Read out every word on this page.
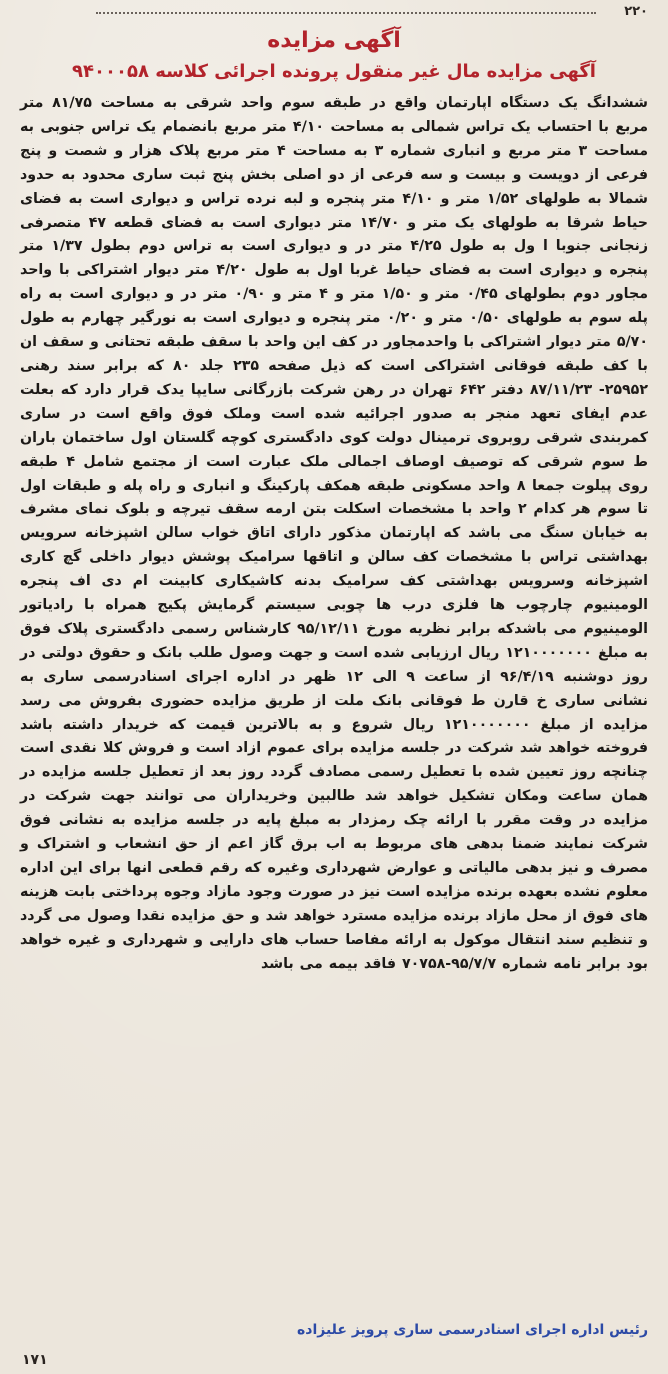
۲۲۰
آگهی مزایده
آگهی مزایده مال غیر منقول پرونده اجرائی کلاسه ۹۴۰۰۰۵۸
ششدانگ یک دستگاه اپارتمان واقع در طبقه سوم واحد شرقی به مساحت ۸۱/۷۵ متر مربع با احتساب یک تراس شمالی به مساحت ۴/۱۰ متر مربع بانضمام یک تراس جنوبی به مساحت ۳ متر مربع و انباری شماره ۳ به مساحت ۴ متر مربع پلاک هزار و شصت و پنج فرعی از دویست و بیست و سه فرعی از دو اصلی بخش پنج ثبت ساری محدود به حدود شمالا به طولهای ۱/۵۲ متر و ۴/۱۰ متر پنجره و لبه نرده تراس و دیواری است به فضای حیاط شرقا به طولهای یک متر و ۱۴/۷۰ متر دیواری است به فضای قطعه ۴۷ متصرفی زنجانی جنوبا ا ول به طول ۴/۲۵ متر در و دیواری است به تراس دوم بطول ۱/۳۷ متر پنجره و دیواری است به فضای حیاط غربا اول به طول ۴/۲۰ متر دیوار اشتراکی با واحد مجاور دوم بطولهای ۰/۴۵ متر و ۱/۵۰ متر و ۴ متر و ۰/۹۰ متر در و دیواری است به راه پله سوم به طولهای ۰/۵۰ متر و ۰/۲۰ متر پنجره و دیواری است به نورگیر چهارم به طول ۵/۷۰ متر دیوار اشتراکی با واحدمجاور در کف این واحد با سقف طبقه تحتانی و سقف ان با کف طبقه فوقانی اشتراکی است که ذیل صفحه ۲۳۵ جلد ۸۰ که برابر سند رهنی ۲۵۹۵۲- ۸۷/۱۱/۲۳ دفتر ۶۴۲ تهران در رهن شرکت بازرگانی سایپا یدک قرار دارد که بعلت عدم ایفای تعهد منجر به صدور اجرائیه شده است وملک فوق واقع است در ساری کمربندی شرقی روبروی ترمینال دولت کوی دادگستری کوچه گلستان اول ساختمان باران ط سوم شرقی که توصیف اوصاف اجمالی ملک عبارت است از مجتمع شامل ۴ طبقه روی پیلوت جمعا ۸ واحد مسکونی طبقه همکف پارکینگ و انباری و راه پله و طبقات اول تا سوم هر کدام ۲ واحد با مشخصات اسکلت بتن ارمه سقف تیرچه و بلوک نمای مشرف به خیابان سنگ می باشد که اپارتمان مذکور دارای اتاق خواب سالن اشپزخانه سرویس بهداشتی تراس با مشخصات کف سالن و اتاقها سرامیک پوشش دیوار داخلی گچ کاری اشپزخانه وسرویس بهداشتی کف سرامیک بدنه کاشیکاری کابینت ام دی اف پنجره الومینیوم چارچوب ها فلزی درب ها چوبی سیستم گرمایش پکیج همراه با رادیاتور الومینیوم می باشدکه برابر نظریه مورخ ۹۵/۱۲/۱۱ کارشناس رسمی دادگستری پلاک فوق به مبلغ ۱۲۱۰۰۰۰۰۰۰ ریال ارزیابی شده است و جهت وصول طلب بانک و حقوق دولتی در روز دوشنبه ۹۶/۴/۱۹ از ساعت ۹ الی ۱۲ ظهر در اداره اجرای اسنادرسمی ساری به نشانی ساری خ قارن ط فوقانی بانک ملت از طریق مزایده حضوری بفروش می رسد مزایده از مبلغ ۱۲۱۰۰۰۰۰۰۰ ریال شروع و به بالاترین قیمت که خریدار داشته باشد فروخته خواهد شد شرکت در جلسه مزایده برای عموم ازاد است و فروش کلا نقدی است چنانچه روز تعیین شده با تعطیل رسمی مصادف گردد روز بعد از تعطیل جلسه مزایده در همان ساعت ومکان تشکیل خواهد شد طالبین وخریداران می توانند جهت شرکت در مزایده در وقت مقرر با ارائه چک رمزدار به مبلغ پایه در جلسه مزایده به نشانی فوق شرکت نمایند ضمنا بدهی های مربوط به اب برق گاز اعم از حق انشعاب و اشتراک و مصرف و نیز بدهی مالیاتی و عوارض شهرداری وغیره که رقم قطعی انها برای این اداره معلوم نشده بعهده برنده مزایده است نیز در صورت وجود مازاد وجوه پرداختی بابت هزینه های فوق از محل مازاد برنده مزایده مسترد خواهد شد و حق مزایده نقدا وصول می گردد و تنظیم سند انتقال موکول به ارائه مفاصا حساب های دارایی و شهرداری و غیره خواهد بود برابر نامه شماره ۹۵/۷/۷-۷۰۷۵۸ فاقد بیمه می باشد
رئیس اداره اجرای اسنادرسمی ساری پرویز علیزاده
۱۷۱
